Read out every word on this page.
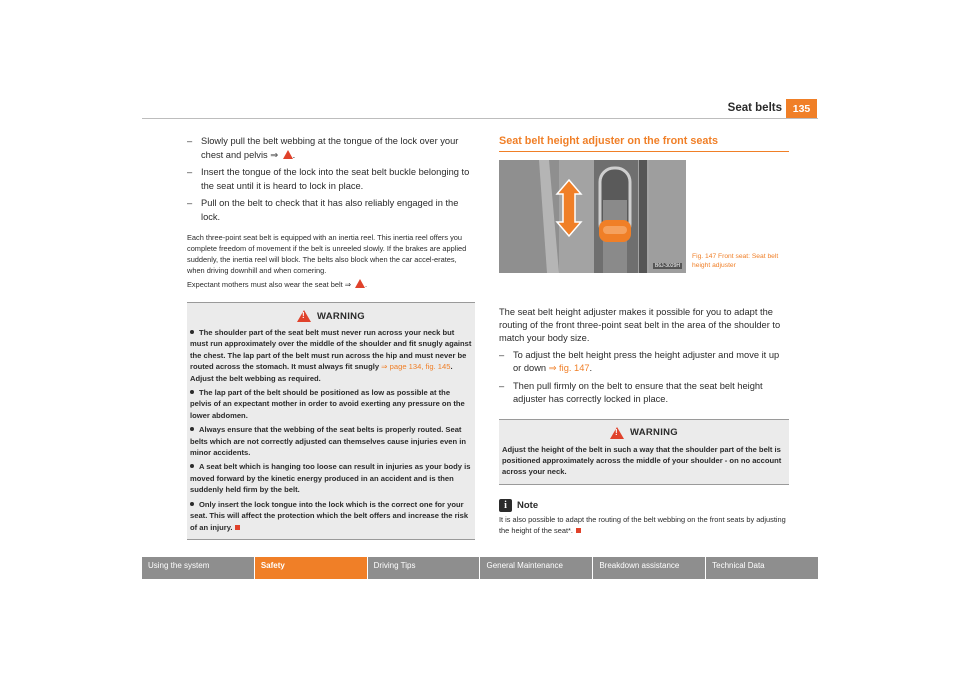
Seat belts	135
– Slowly pull the belt webbing at the tongue of the lock over your chest and pelvis ⇒ .
– Insert the tongue of the lock into the seat belt buckle belonging to the seat until it is heard to lock in place.
– Pull on the belt to check that it has also reliably engaged in the lock.

Each three-point seat belt is equipped with an inertia reel. This inertia reel offers you complete freedom of movement if the belt is unreeled slowly. If the brakes are applied suddenly, the inertia reel will block. The belts also block when the car accel-erates, when driving downhill and when cornering.

Expectant mothers must also wear the seat belt ⇒ .

!
WARNING
The shoulder part of the seat belt must never run across your neck but must run approximately over the middle of the shoulder and fit snugly against the chest. The lap part of the belt must run across the hip and must never be routed across the stomach. It must always fit snugly ⇒ page 134, fig. 145. Adjust the belt webbing as required.
The lap part of the belt should be positioned as low as possible at the pelvis of an expectant mother in order to avoid exerting any pressure on the lower abdomen.
Always ensure that the webbing of the seat belts is properly routed. Seat belts which are not correctly adjusted can themselves cause injuries even in minor accidents.
A seat belt which is hanging too loose can result in injuries as your body is moved forward by the kinetic energy produced in an accident and is then suddenly held firm by the belt.
Only insert the lock tongue into the lock which is the correct one for your seat. This will affect the protection which the belt offers and increase the risk of an injury.
Seat belt height adjuster on the front seats
B6J-3029H
Fig. 147 Front seat: Seat belt height adjuster

The seat belt height adjuster makes it possible for you to adapt the routing of the front three-point seat belt in the area of the shoulder to match your body size.

– To adjust the belt height press the height adjuster and move it up or down ⇒ fig. 147.
– Then pull firmly on the belt to ensure that the seat belt height adjuster has correctly locked in place.
!
WARNING
Adjust the height of the belt in such a way that the shoulder part of the belt is positioned approximately across the middle of your shoulder - on no account across your neck.
i	Note

It is also possible to adapt the routing of the belt webbing on the front seats by adjusting the height of the seat*.

Using the system	Safety	Driving Tips	General Maintenance	Breakdown assistance	Technical Data
